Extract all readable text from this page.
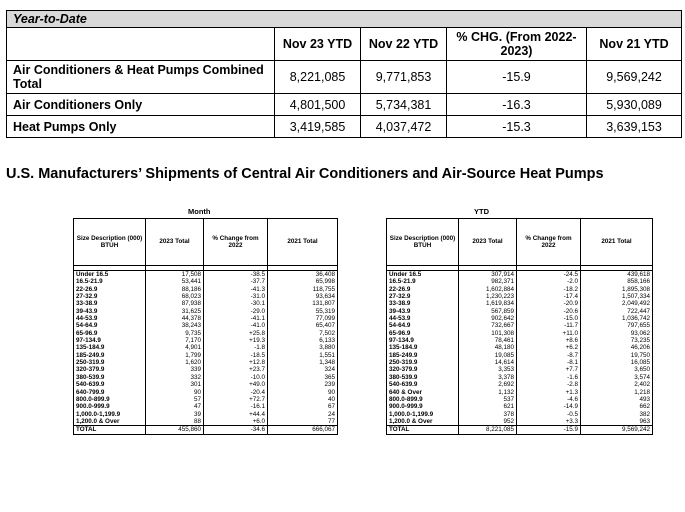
Year-to-Date				
	Nov 23 YTD	Nov 22 YTD	% CHG. (From 2022-2023)	Nov 21 YTD
Air Conditioners & Heat Pumps Combined Total	8,221,085	9,771,853	-15.9	9,569,242
Air Conditioners Only	4,801,500	5,734,381	-16.3	5,930,089
Heat Pumps Only	3,419,585	4,037,472	-15.3	3,639,153
U.S. Manufacturers’ Shipments of Central Air Conditioners and Air-Source Heat Pumps
Month	YTD
Size Description (000) BTUH	2023 Total	% Change from 2022	2021 Total

Under 16.5	17,508	-38.5	36,408
16.5-21.9	53,441	-37.7	65,998
22-26.9	88,186	-41.3	118,755
27-32.9	68,023	-31.0	93,634
33-38.9	87,938	-30.1	131,807
39-43.9	31,625	-29.0	55,319
44-53.9	44,378	-41.1	77,099
54-64.9	38,243	-41.0	65,407
65-96.9	9,735	+25.8	7,502
97-134.9	7,170	+19.3	6,133
135-184.9	4,901	-1.8	3,880
185-249.9	1,799	-18.5	1,551
250-319.9	1,620	+12.8	1,348
320-379.9	339	+23.7	324
380-539.9	332	-10.0	365
540-639.9	301	+49.0	239
640-799.9	90	-20.4	90
800.0-899.9	57	+72.7	40
900.0-999.9	47	-16.1	67
1,000.0-1,199.9	39	+44.4	24
1,200.0 & Over	88	+6.0	77
TOTAL	455,860	-34.6	666,067
Size Description (000) BTUH	2023 Total	% Change from 2022	2021 Total

Under 16.5	307,914	-24.5	439,618
16.5-21.9	982,371	-2.0	858,166
22-26.9	1,602,884	-18.2	1,895,308
27-32.9	1,230,223	-17.4	1,507,334
33-38.9	1,619,834	-20.9	2,049,492
39-43.9	567,859	-20.6	722,447
44-53.9	902,642	-15.0	1,036,742
54-64.9	732,667	-11.7	797,655
65-96.9	101,308	+11.0	93,062
97-134.9	78,461	+8.6	73,235
135-184.9	48,180	+6.2	46,206
185-249.9	19,085	-8.7	19,750
250-319.9	14,614	-8.1	16,085
320-379.9	3,353	+7.7	3,650
380-539.9	3,378	-1.6	3,574
540-639.9	2,692	-2.8	2,402
640 & Over	1,132	+1.3	1,218
800.0-899.9	537	-4.6	493
900.0-999.9	621	-14.9	662
1,000.0-1,199.9	378	-0.5	382
1,200.0 & Over	952	+3.3	963
TOTAL	8,221,085	-15.9	9,569,242
